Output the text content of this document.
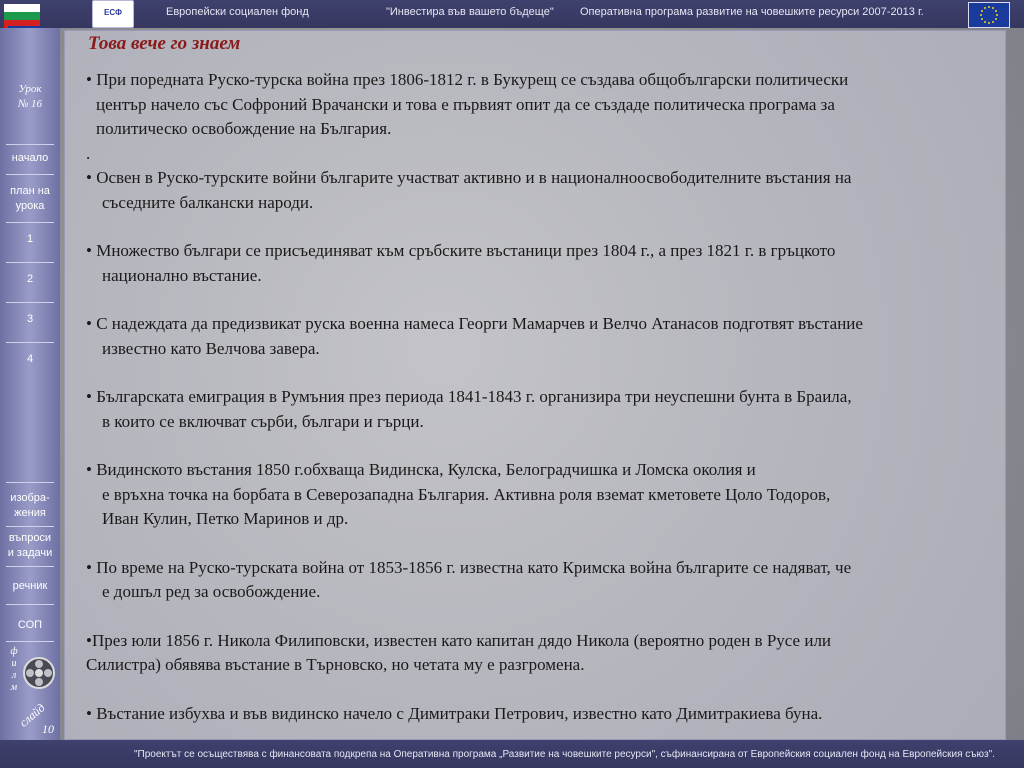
ЕСФ	Европейски социален фонд	"Инвестира във вашето бъдеще" Оперативна програма развитие на човешките ресурси 2007-2013 г.
Това вече го знаем

• При поредната Руско-турска война през 1806-1812 г. в Букурещ се създава общобългарски политически
център начело със Софроний Врачански и това е първият опит да се създаде политическа програма за
политическо освобождение на България.

.

• Освен в Руско-турските войни българите участват активно и в националноосвободителните въстания на
съседните балкански народи.

• Множество българи се присъединяват към сръбските въстаници през 1804 г., а през 1821 г. в гръцкото
национално въстание.

• С надеждата да предизвикат руска военна намеса Георги Мамарчев и Велчо Атанасов подготвят въстание
известно като Велчова завера.

• Българската емиграция в Румъния през периода 1841-1843 г. организира три неуспешни бунта в Браила,
в които се включват сърби, българи и гърци.

• Видинското въстания 1850 г.обхваща Видинска, Кулска, Белоградчишка и Ломска околия и
е връхна точка на борбата в Северозападна България. Активна роля вземат кметовете Цоло Тодоров,
Иван Кулин, Петко Маринов и др.

• По време на Руско-турската война от 1853-1856 г. известна като Кримска война българите се надяват, че
е дошъл ред за освобождение.

•През юли 1856 г. Никола Филиповски, известен като капитан дядо Никола (вероятно роден в Русе или
Силистра) обявява въстание в Търновско, но четата му е разгромена.

• Въстание избухва и във видинско начело с Димитраки Петрович, известно като Димитракиева буна.

Урок
№ 16
начало
план на
урока
1
2
3
4
изобра-
жения
въпроси
и задачи
речник
СОП
ф
и
л
м
слайд
10
"Проектът се осъществява с финансовата подкрепа на Оперативна програма „Развитие на човешките ресурси", съфинансирана от Европейския социален фонд на Европейския съюз".
